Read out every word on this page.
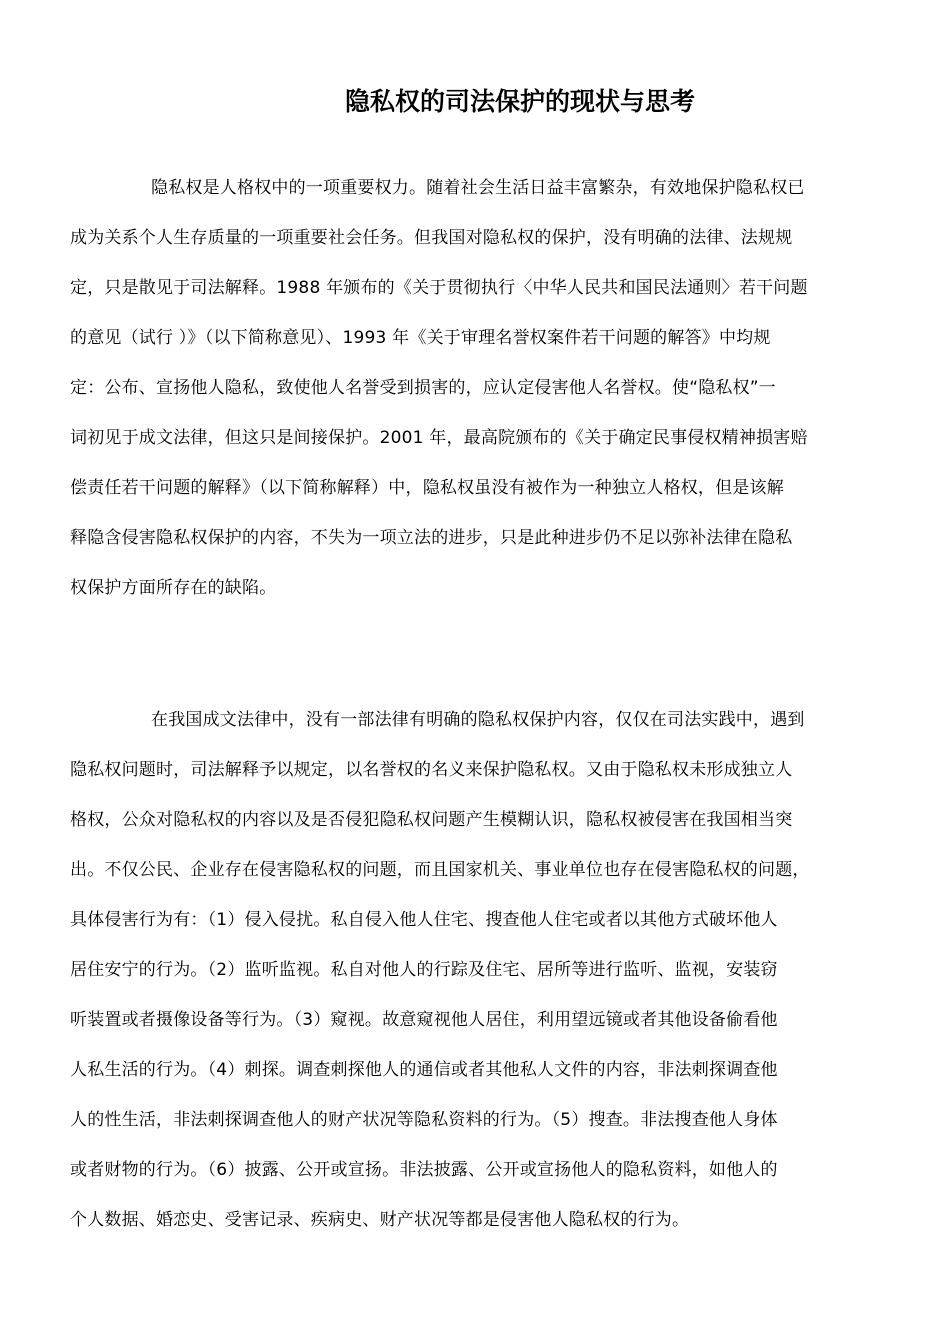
隐私权的司法保护的现状与思考
隐私权是人格权中的一项重要权力。随着社会生活日益丰富繁杂，有效地保护隐私权已
成为关系个人生存质量的一项重要社会任务。但我国对隐私权的保护，没有明确的法律、法规规
定，只是散见于司法解释。1988 年颁布的《关于贯彻执行〈中华人民共和国民法通则〉若干问题
的意见（试行 ）》（以下简称意见）、1993 年《关于审理名誉权案件若干问题的解答》中均规
定：公布、宣扬他人隐私，致使他人名誉受到损害的，应认定侵害他人名誉权。使“隐私权”一
词初见于成文法律，但这只是间接保护。2001 年，最高院颁布的《关于确定民事侵权精神损害赔
偿责任若干问题的解释》（以下简称解释）中，隐私权虽没有被作为一种独立人格权，但是该解
释隐含侵害隐私权保护的内容，不失为一项立法的进步，只是此种进步仍不足以弥补法律在隐私
权保护方面所存在的缺陷。
在我国成文法律中，没有一部法律有明确的隐私权保护内容，仅仅在司法实践中，遇到
隐私权问题时，司法解释予以规定，以名誉权的名义来保护隐私权。又由于隐私权未形成独立人
格权，公众对隐私权的内容以及是否侵犯隐私权问题产生模糊认识，隐私权被侵害在我国相当突
出。不仅公民、企业存在侵害隐私权的问题，而且国家机关、事业单位也存在侵害隐私权的问题，
具体侵害行为有：（1）侵入侵扰。私自侵入他人住宅、搜查他人住宅或者以其他方式破坏他人
居住安宁的行为。（2）监听监视。私自对他人的行踪及住宅、居所等进行监听、监视，安装窃
听装置或者摄像设备等行为。（3）窥视。故意窥视他人居住，利用望远镜或者其他设备偷看他
人私生活的行为。（4）刺探。调查刺探他人的通信或者其他私人文件的内容，非法刺探调查他
人的性生活，非法刺探调查他人的财产状况等隐私资料的行为。（5）搜查。非法搜查他人身体
或者财物的行为。（6）披露、公开或宣扬。非法披露、公开或宣扬他人的隐私资料，如他人的
个人数据、婚恋史、受害记录、疾病史、财产状况等都是侵害他人隐私权的行为。
